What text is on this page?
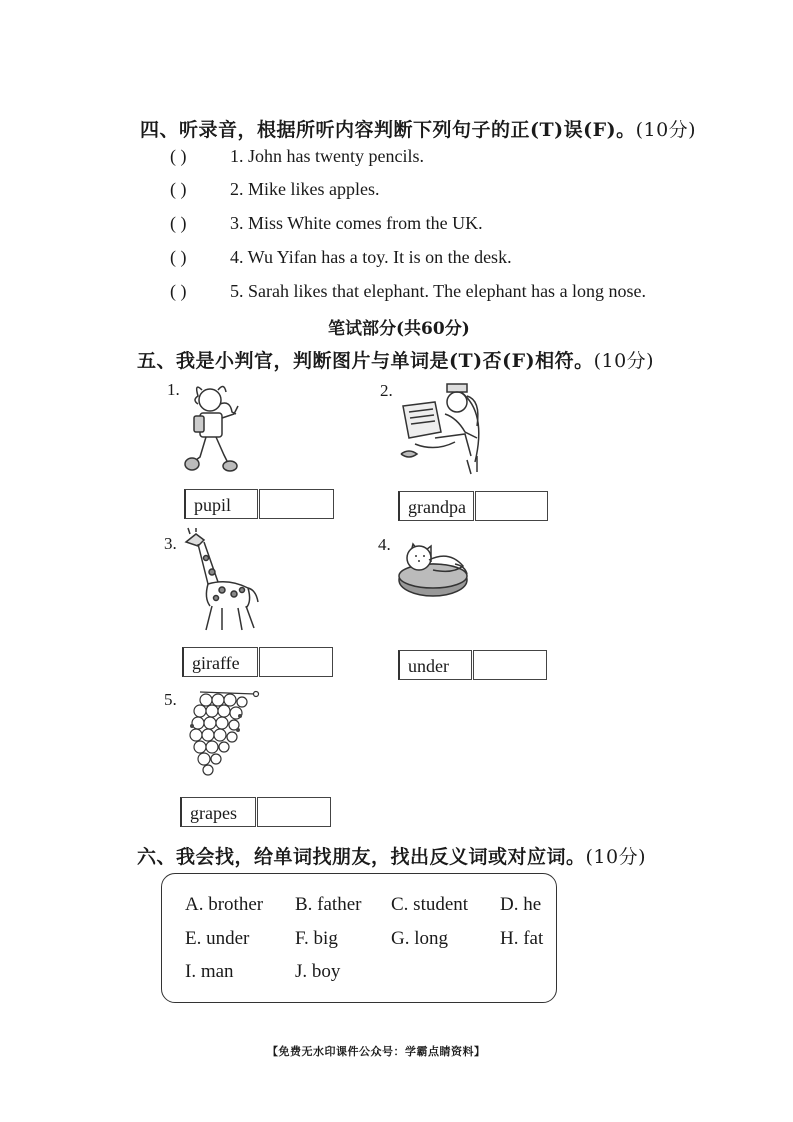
四、听录音，根据所听内容判断下列句子的正(T)误(F)。(10分)
( ) 1. John has twenty pencils.
( ) 2. Mike likes apples.
( ) 3. Miss White comes from the UK.
( ) 4. Wu Yifan has a toy. It is on the desk.
( ) 5. Sarah likes that elephant. The elephant has a long nose.
笔试部分(共60分)
五、我是小判官，判断图片与单词是(T)否(F)相符。(10分)
1.
pupil
2.
grandpa
3.
giraffe
4.
under
5.
grapes
六、我会找，给单词找朋友，找出反义词或对应词。(10分)
A. brother B. father C. student D. he
E. under F. big	G. long	H. fat
I. man	J. boy
【免费无水印课件公众号：学霸点睛资料】
